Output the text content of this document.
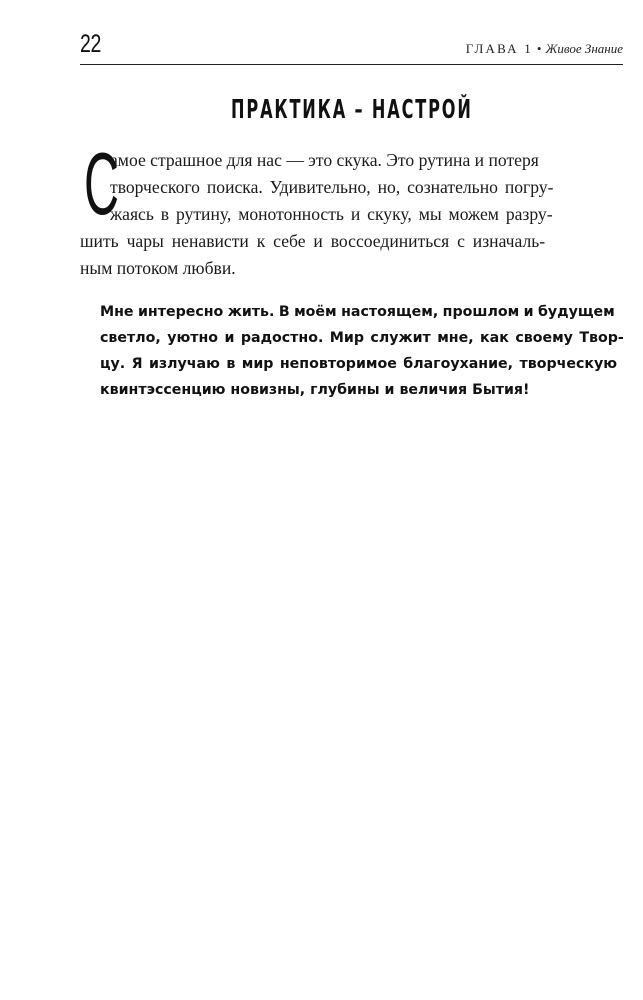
22	ГЛАВА 1 • Живое Знание
ПРАКТИКА – НАСТРОЙ
С
амое страшное для нас — это скука. Это рутина и потеря
творческого поиска. Удивительно, но, сознательно погру-
жаясь в рутину, монотонность и скуку, мы можем разру-
шить чары ненависти к себе и воссоединиться с изначаль-
ным потоком любви.
Мне интересно жить. В моём настоящем, прошлом и будущем
светло, уютно и радостно. Мир служит мне, как своему Твор-
цу. Я излучаю в мир неповторимое благоухание, творческую
квинтэссенцию новизны, глубины и величия Бытия!
